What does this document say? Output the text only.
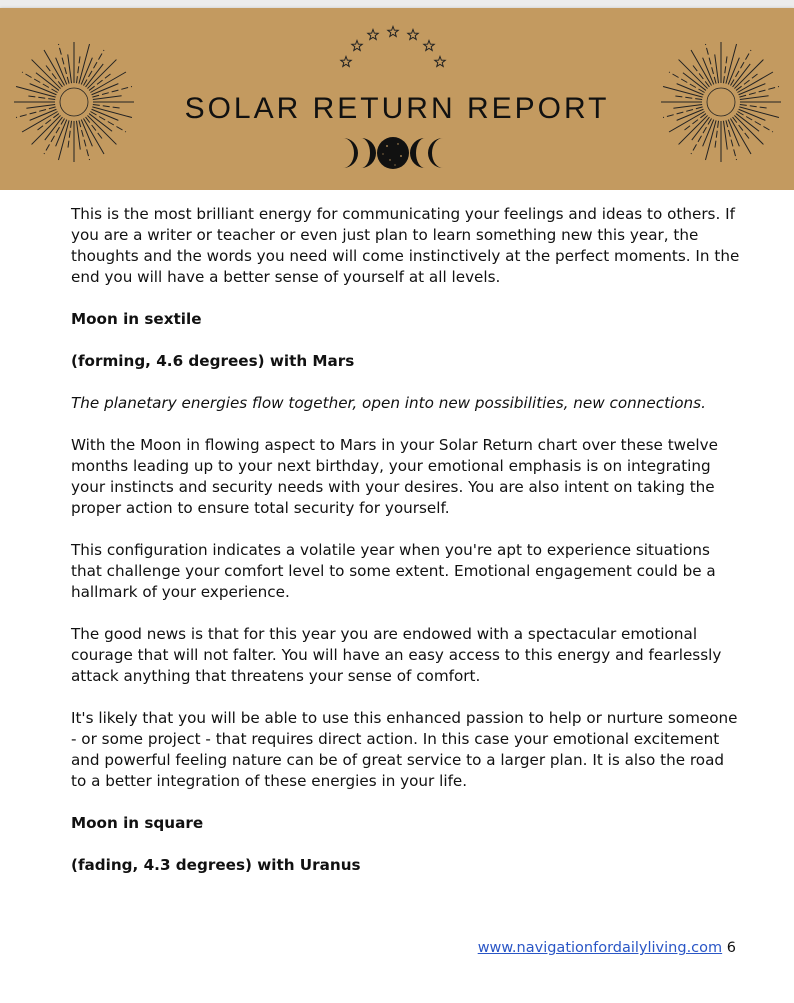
SOLAR RETURN REPORT

This is the most brilliant energy for communicating your feelings and ideas to others. If you are a writer or teacher or even just plan to learn something new this year, the thoughts and the words you need will come instinctively at the perfect moments. In the end you will have a better sense of yourself at all levels.

Moon in sextile

(forming, 4.6 degrees) with Mars

The planetary energies flow together, open into new possibilities, new connections.

With the Moon in flowing aspect to Mars in your Solar Return chart over these twelve months leading up to your next birthday, your emotional emphasis is on integrating your instincts and security needs with your desires. You are also intent on taking the proper action to ensure total security for yourself.

This configuration indicates a volatile year when you're apt to experience situations that challenge your comfort level to some extent. Emotional engagement could be a hallmark of your experience.

The good news is that for this year you are endowed with a spectacular emotional courage that will not falter. You will have an easy access to this energy and fearlessly attack anything that threatens your sense of comfort.

It's likely that you will be able to use this enhanced passion to help or nurture someone - or some project - that requires direct action. In this case your emotional excitement and powerful feeling nature can be of great service to a larger plan. It is also the road to a better integration of these energies in your life.

Moon in square

(fading, 4.3 degrees) with Uranus

www.navigationfordailyliving.com 6
